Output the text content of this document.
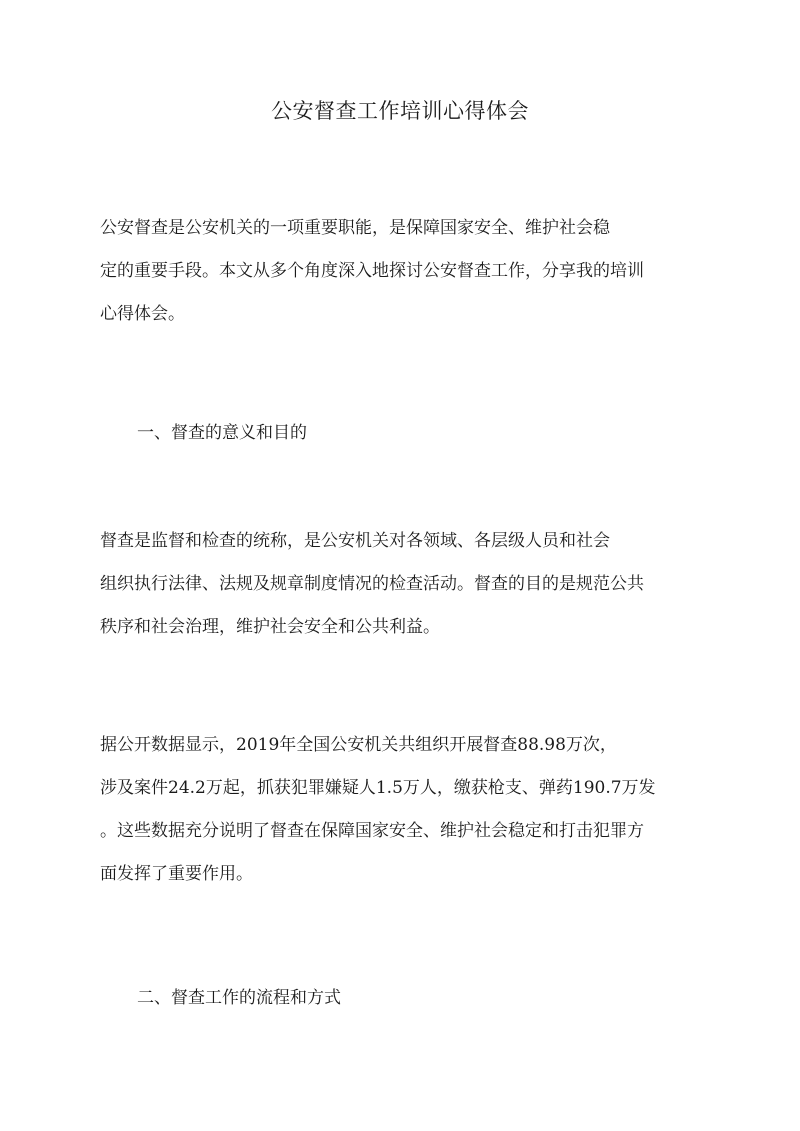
公安督查工作培训心得体会

公安督查是公安机关的一项重要职能，是保障国家安全、维护社会稳
定的重要手段。本文从多个角度深入地探讨公安督查工作，分享我的培训
心得体会。

一、督查的意义和目的

督查是监督和检查的统称，是公安机关对各领域、各层级人员和社会
组织执行法律、法规及规章制度情况的检查活动。督查的目的是规范公共
秩序和社会治理，维护社会安全和公共利益。

据公开数据显示，2019年全国公安机关共组织开展督查88.98万次，
涉及案件24.2万起，抓获犯罪嫌疑人1.5万人，缴获枪支、弹药190.7万发
。这些数据充分说明了督查在保障国家安全、维护社会稳定和打击犯罪方
面发挥了重要作用。

二、督查工作的流程和方式
